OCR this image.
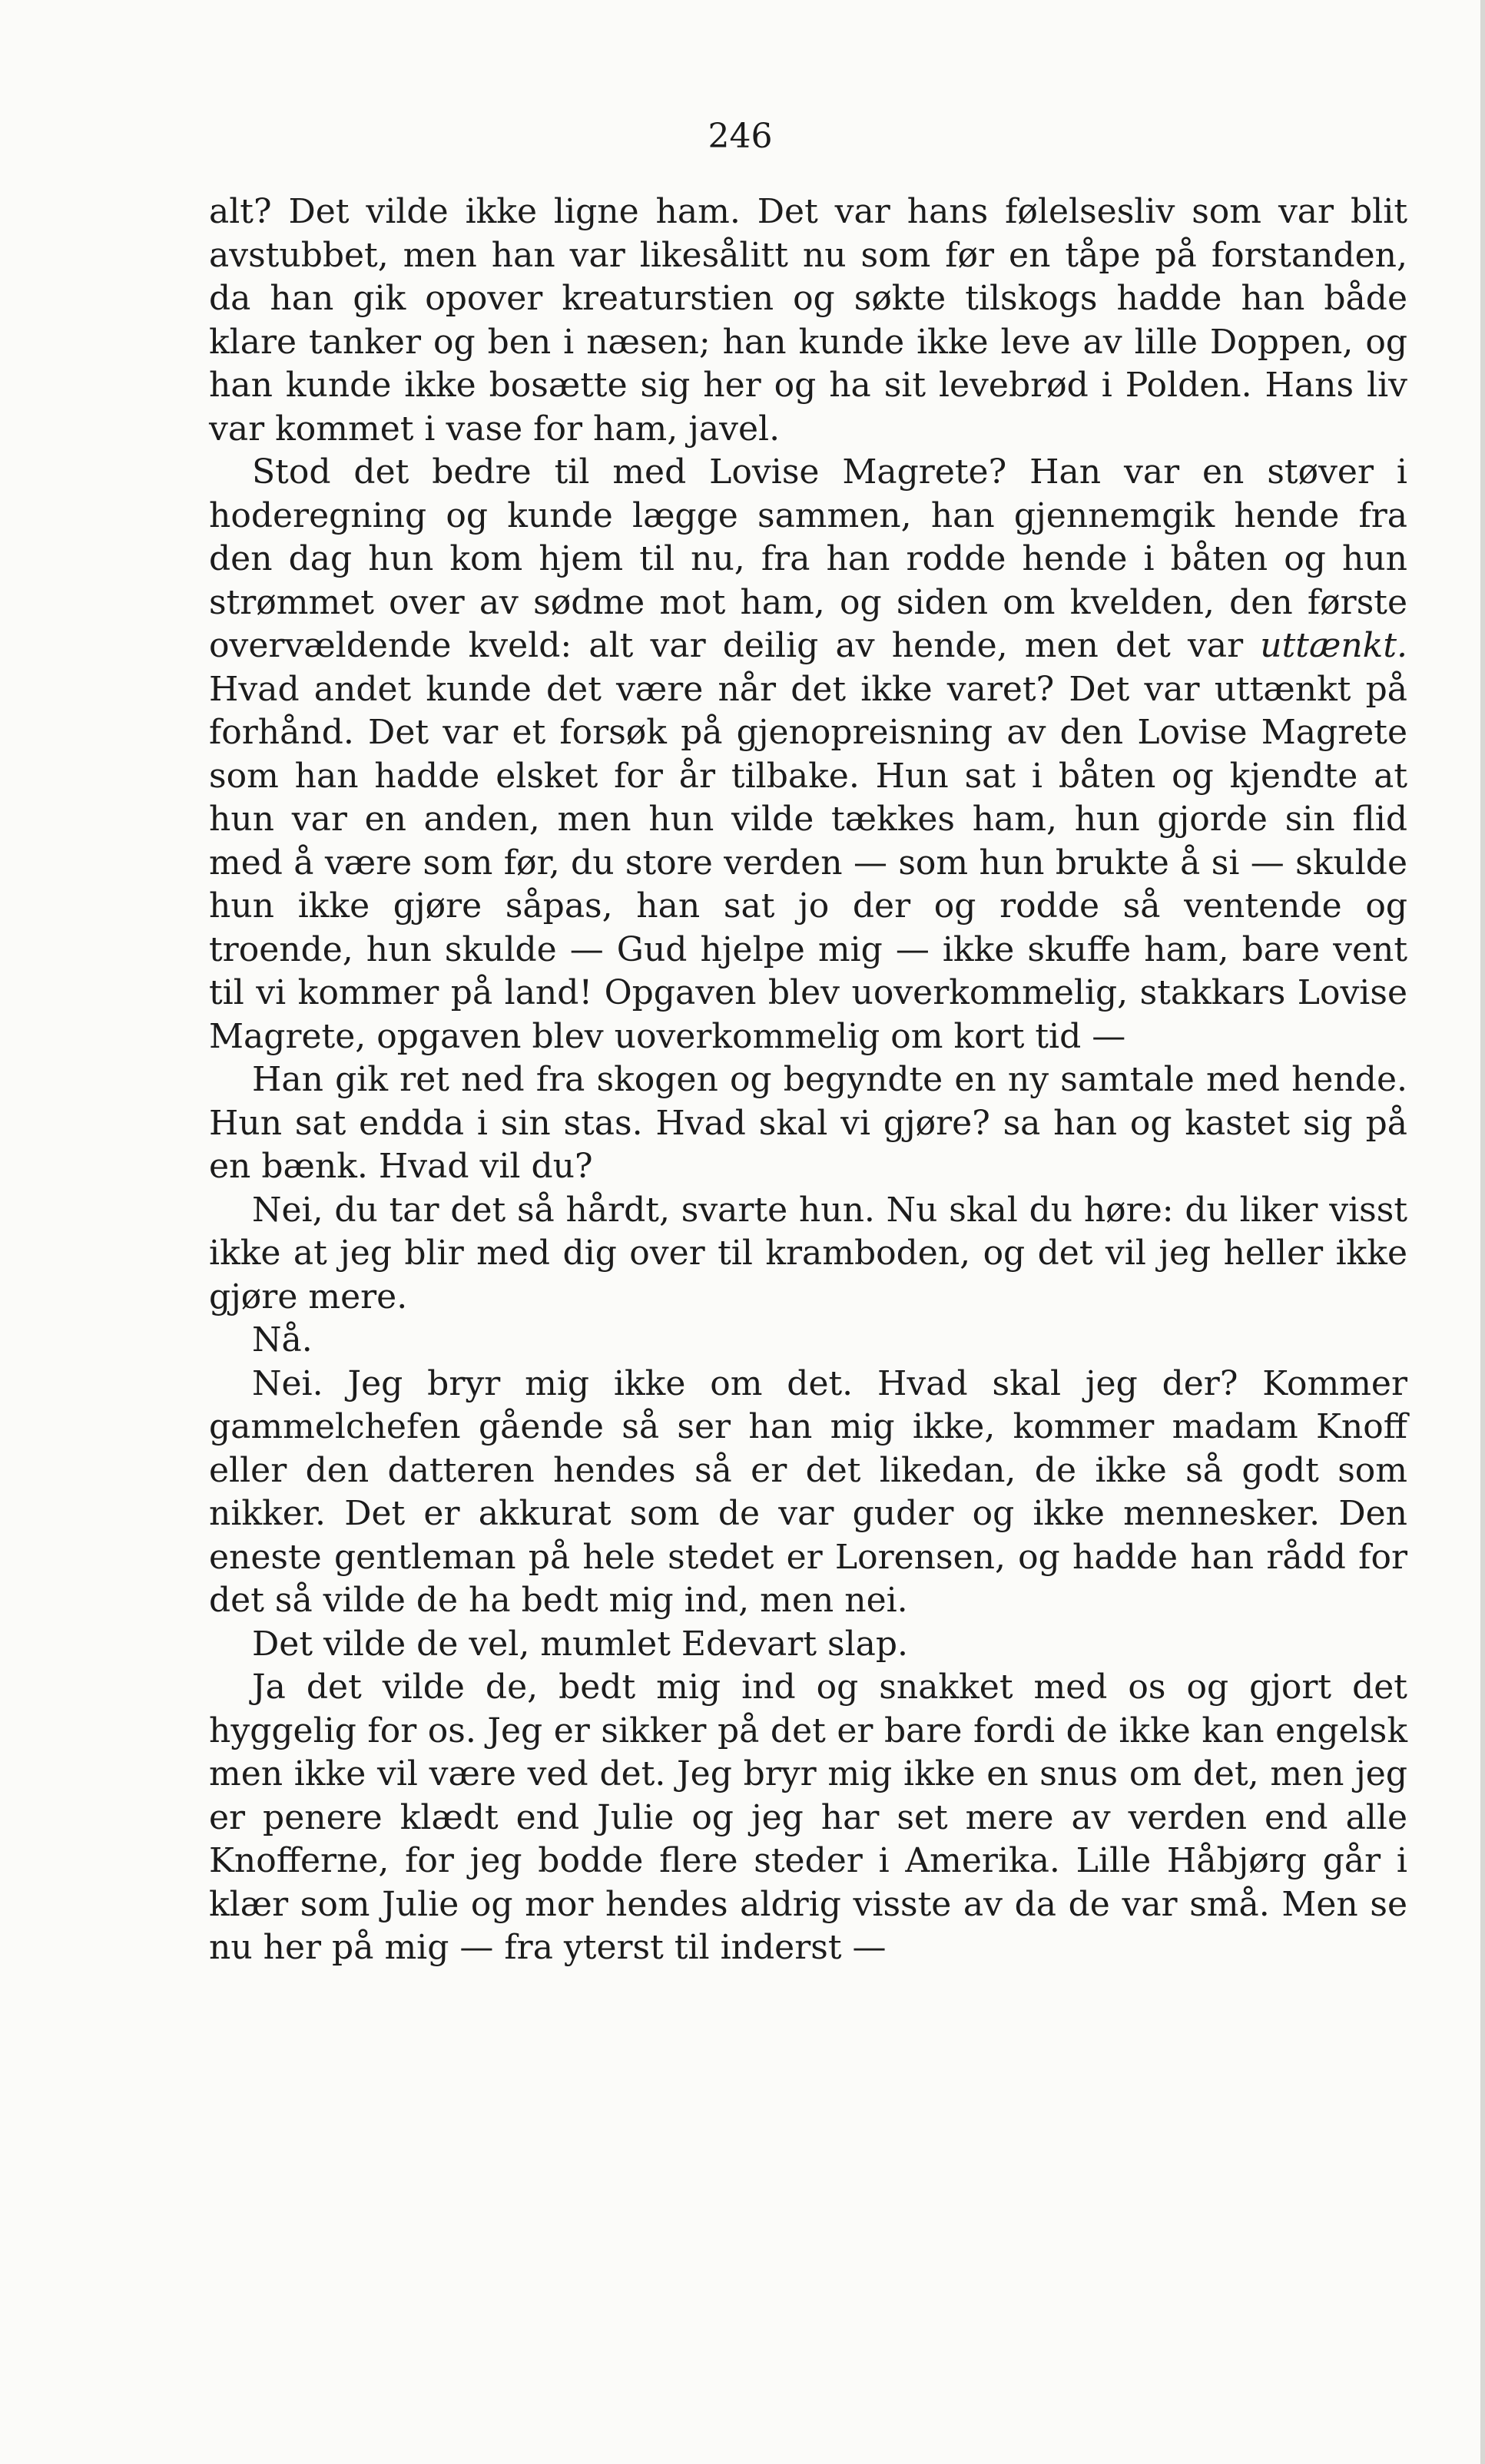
246

alt? Det vilde ikke ligne ham. Det var hans følelsesliv som var blit avstubbet, men han var likesålitt nu som før en tåpe på forstanden, da han gik opover kreaturstien og søkte tilskogs hadde han både klare tanker og ben i næsen; han kunde ikke leve av lille Doppen, og han kunde ikke bosætte sig her og ha sit levebrød i Polden. Hans liv var kommet i vase for ham, javel.

Stod det bedre til med Lovise Magrete? Han var en støver i hoderegning og kunde lægge sammen, han gjennemgik hende fra den dag hun kom hjem til nu, fra han rodde hende i båten og hun strømmet over av sødme mot ham, og siden om kvelden, den første overvældende kveld: alt var deilig av hende, men det var uttænkt. Hvad andet kunde det være når det ikke varet? Det var uttænkt på forhånd. Det var et forsøk på gjenopreisning av den Lovise Magrete som han hadde elsket for år tilbake. Hun sat i båten og kjendte at hun var en anden, men hun vilde tækkes ham, hun gjorde sin flid med å være som før, du store verden — som hun brukte å si — skulde hun ikke gjøre såpas, han sat jo der og rodde så ventende og troende, hun skulde — Gud hjelpe mig — ikke skuffe ham, bare vent til vi kommer på land! Opgaven blev uoverkommelig, stakkars Lovise Magrete, opgaven blev uoverkommelig om kort tid —

Han gik ret ned fra skogen og begyndte en ny samtale med hende. Hun sat endda i sin stas. Hvad skal vi gjøre? sa han og kastet sig på en bænk. Hvad vil du?

Nei, du tar det så hårdt, svarte hun. Nu skal du høre: du liker visst ikke at jeg blir med dig over til kramboden, og det vil jeg heller ikke gjøre mere.

Nå.

Nei. Jeg bryr mig ikke om det. Hvad skal jeg der? Kommer gammelchefen gående så ser han mig ikke, kommer madam Knoff eller den datteren hendes så er det likedan, de ikke så godt som nikker. Det er akkurat som de var guder og ikke mennesker. Den eneste gentleman på hele stedet er Lorensen, og hadde han rådd for det så vilde de ha bedt mig ind, men nei.

Det vilde de vel, mumlet Edevart slap.

Ja det vilde de, bedt mig ind og snakket med os og gjort det hyggelig for os. Jeg er sikker på det er bare fordi de ikke kan engelsk men ikke vil være ved det. Jeg bryr mig ikke en snus om det, men jeg er penere klædt end Julie og jeg har set mere av verden end alle Knofferne, for jeg bodde flere steder i Amerika. Lille Håbjørg går i klær som Julie og mor hendes aldrig visste av da de var små. Men se nu her på mig — fra yterst til inderst —
